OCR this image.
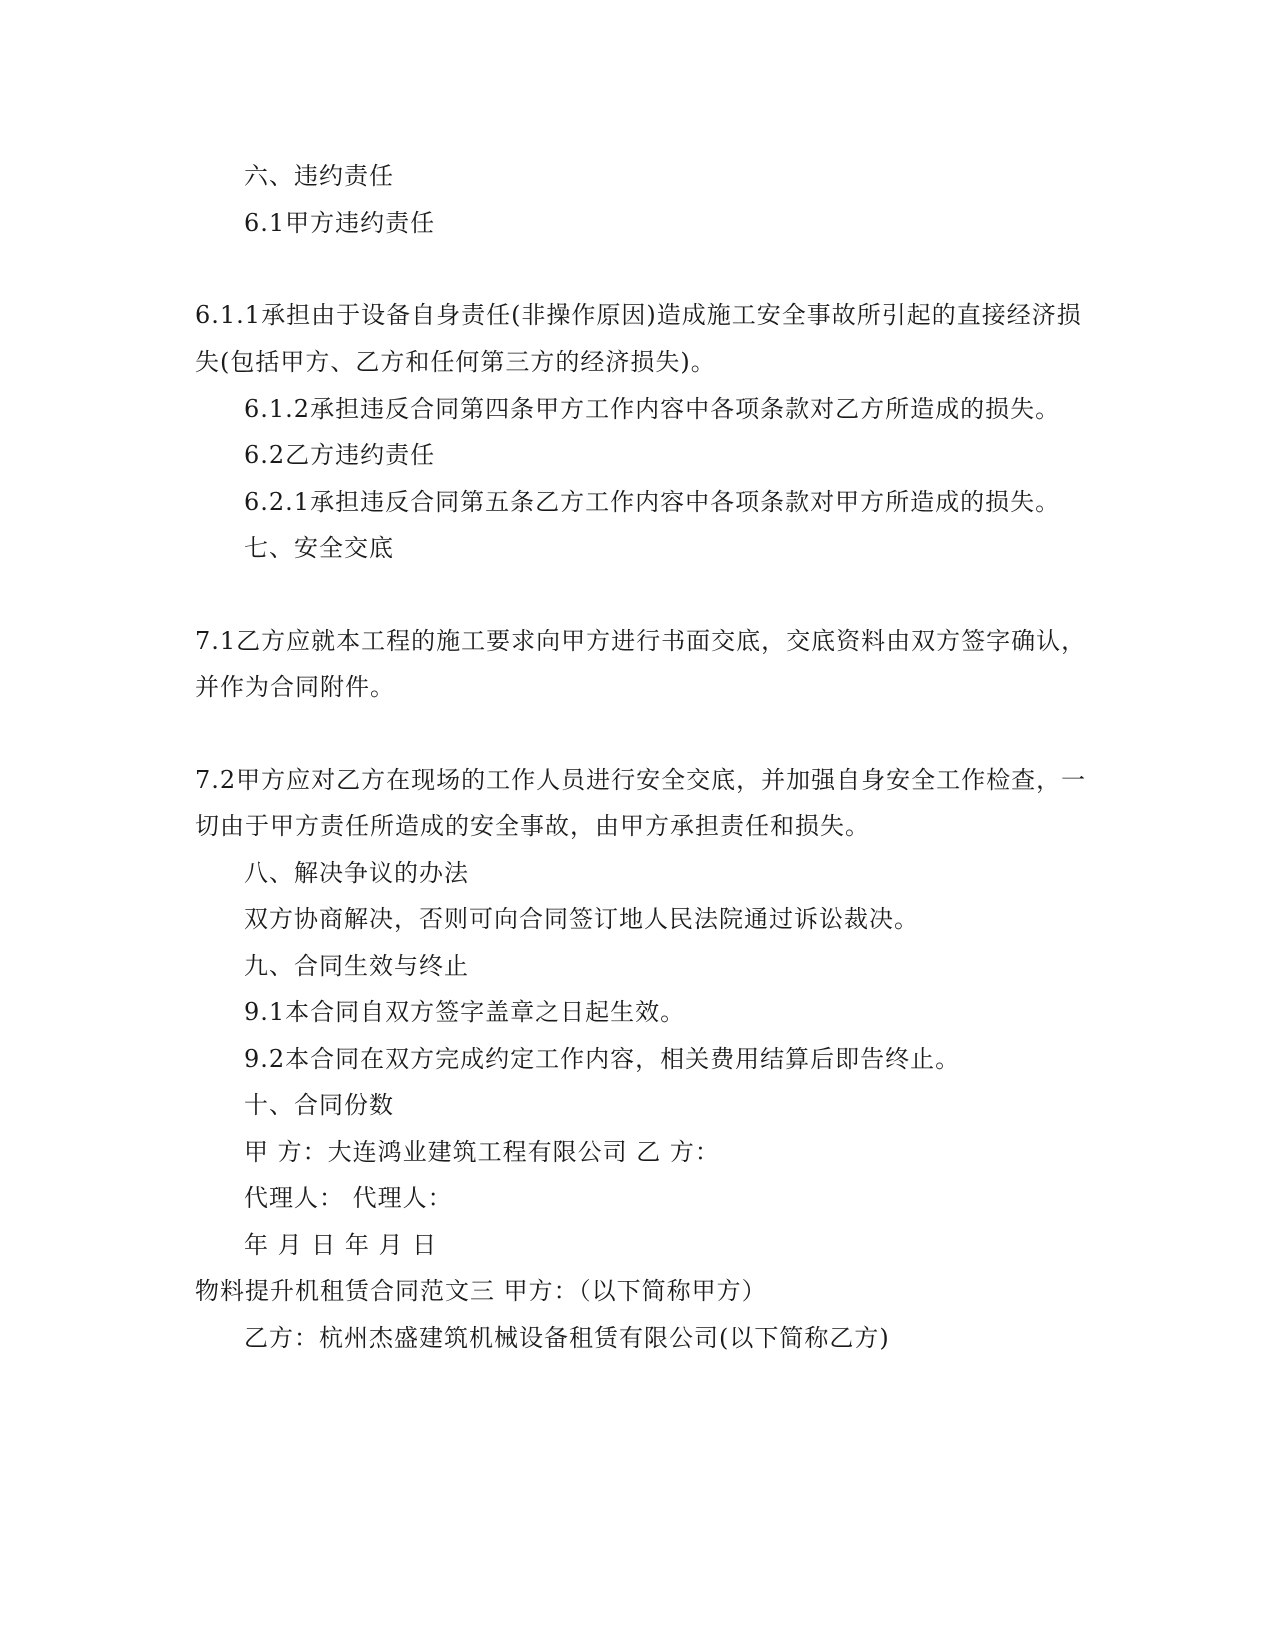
六、违约责任
6.1甲方违约责任
6.1.1承担由于设备自身责任(非操作原因)造成施工安全事故所引起的直接经济损
失(包括甲方、乙方和任何第三方的经济损失)。
6.1.2承担违反合同第四条甲方工作内容中各项条款对乙方所造成的损失。
6.2乙方违约责任
6.2.1承担违反合同第五条乙方工作内容中各项条款对甲方所造成的损失。
七、安全交底
7.1乙方应就本工程的施工要求向甲方进行书面交底，交底资料由双方签字确认，
并作为合同附件。
7.2甲方应对乙方在现场的工作人员进行安全交底，并加强自身安全工作检查，一
切由于甲方责任所造成的安全事故，由甲方承担责任和损失。
八、解决争议的办法
双方协商解决，否则可向合同签订地人民法院通过诉讼裁决。
九、合同生效与终止
9.1本合同自双方签字盖章之日起生效。
9.2本合同在双方完成约定工作内容，相关费用结算后即告终止。
十、合同份数
甲 方：大连鸿业建筑工程有限公司 乙 方：
代理人： 代理人：
年 月 日 年 月 日
物料提升机租赁合同范文三 甲方：（以下简称甲方）
乙方：杭州杰盛建筑机械设备租赁有限公司(以下简称乙方)
